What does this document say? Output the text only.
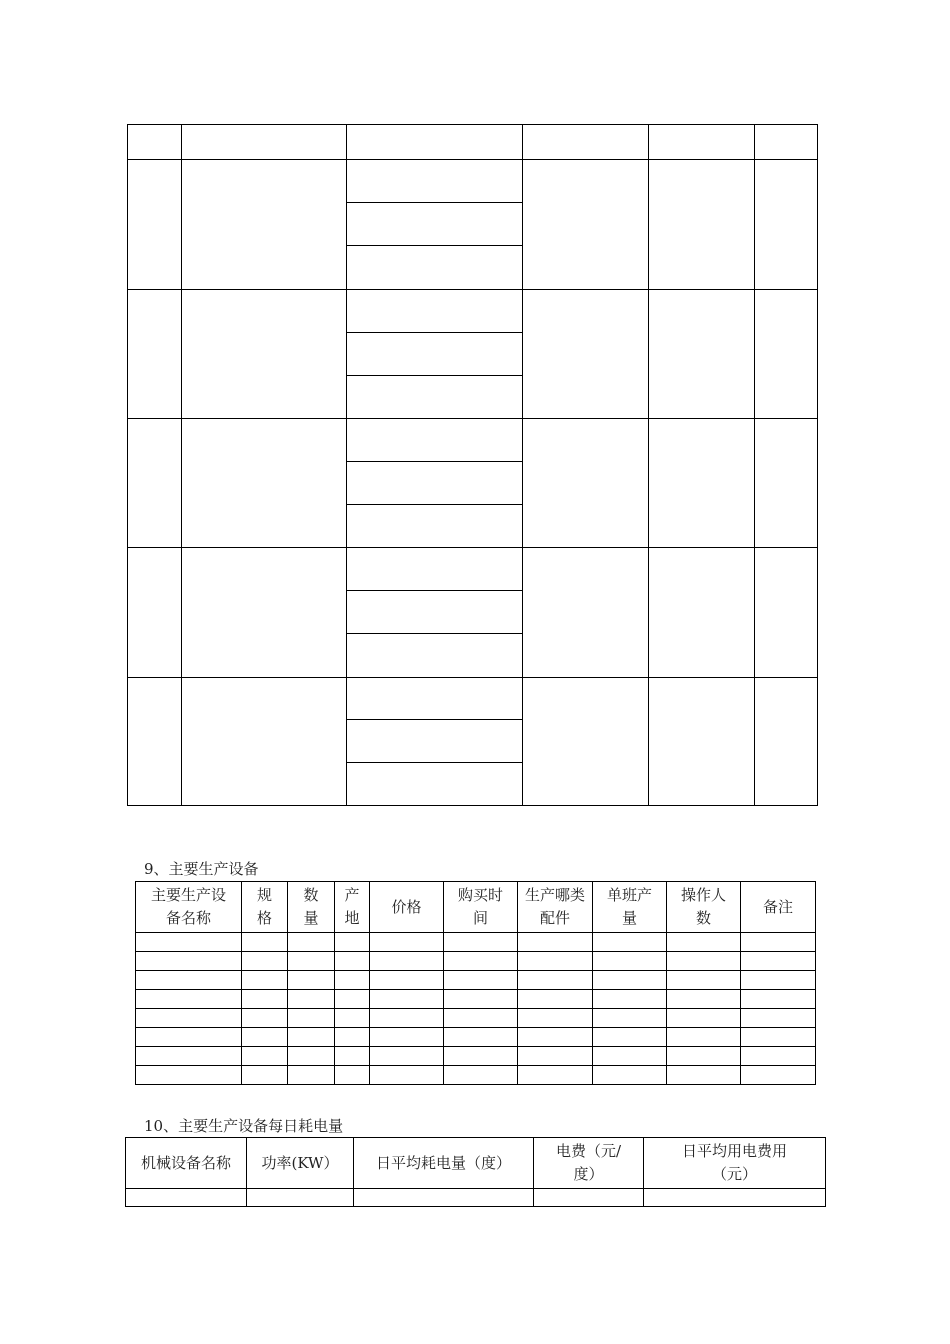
9、主要生产设备
主要生产设备名称	规格	数量	产地	价格	购买时间	生产哪类配件	单班产量	操作人数	备注

10、主要生产设备每日耗电量
机械设备名称	功率(KW）	日平均耗电量（度）	电费（元/度）	日平均用电费用（元）
